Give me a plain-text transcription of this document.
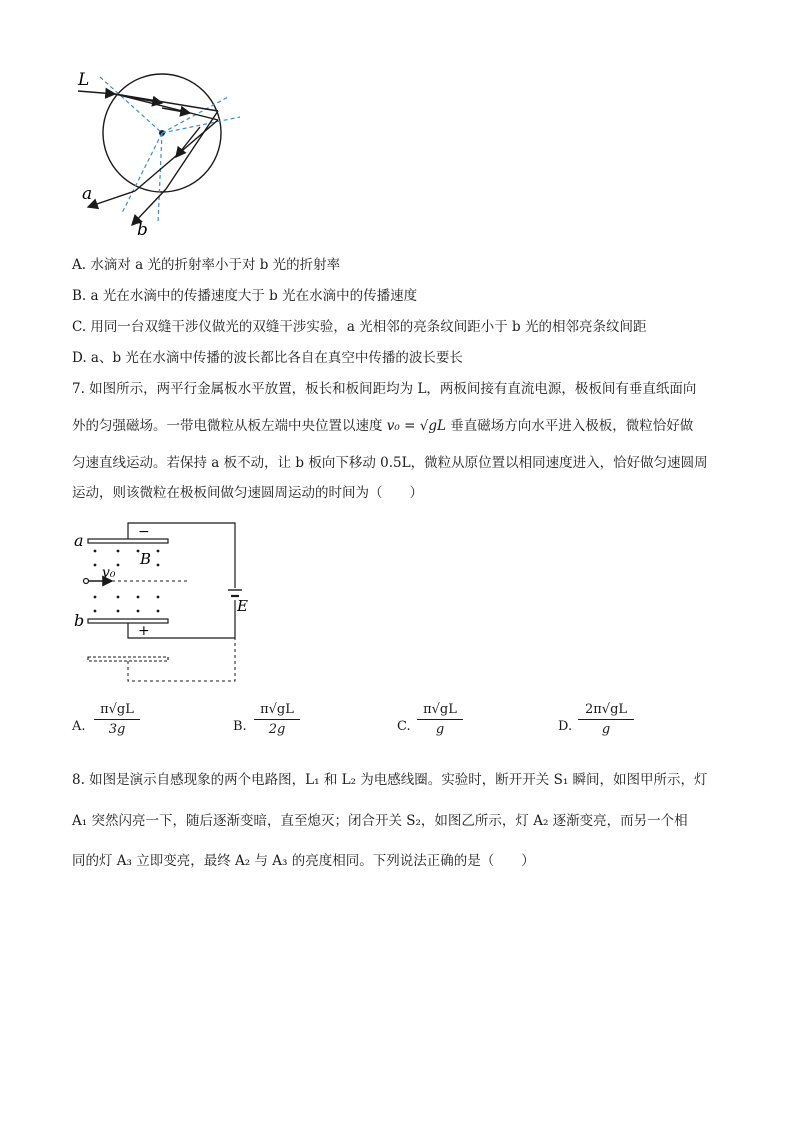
L
a
b
A. 水滴对 a 光的折射率小于对 b 光的折射率
B. a 光在水滴中的传播速度大于 b 光在水滴中的传播速度
C. 用同一台双缝干涉仪做光的双缝干涉实验，a 光相邻的亮条纹间距小于 b 光的相邻亮条纹间距
D. a、b 光在水滴中传播的波长都比各自在真空中传播的波长要长
7. 如图所示，两平行金属板水平放置，板长和板间距均为 L，两板间接有直流电源，极板间有垂直纸面向
外的匀强磁场。一带电微粒从板左端中央位置以速度 v₀ = √gL 垂直磁场方向水平进入极板，微粒恰好做
匀速直线运动。若保持 a 板不动，让 b 板向下移动 0.5L，微粒从原位置以相同速度进入，恰好做匀速圆周
运动，则该微粒在极板间做匀速圆周运动的时间为（　　）
E
−
+
a
b
B
v₀
A. $\frac{\pi√gL}{3g}$	B. $\frac{\pi√gL}{2g}$	C. $\frac{\pi√gL}{g}$	D. $\frac{2\pi√gL}{g}$
8. 如图是演示自感现象的两个电路图，L₁ 和 L₂ 为电感线圈。实验时，断开开关 S₁ 瞬间，如图甲所示，灯
A₁ 突然闪亮一下，随后逐渐变暗，直至熄灭；闭合开关 S₂，如图乙所示，灯 A₂ 逐渐变亮，而另一个相
同的灯 A₃ 立即变亮，最终 A₂ 与 A₃ 的亮度相同。下列说法正确的是（　　）
